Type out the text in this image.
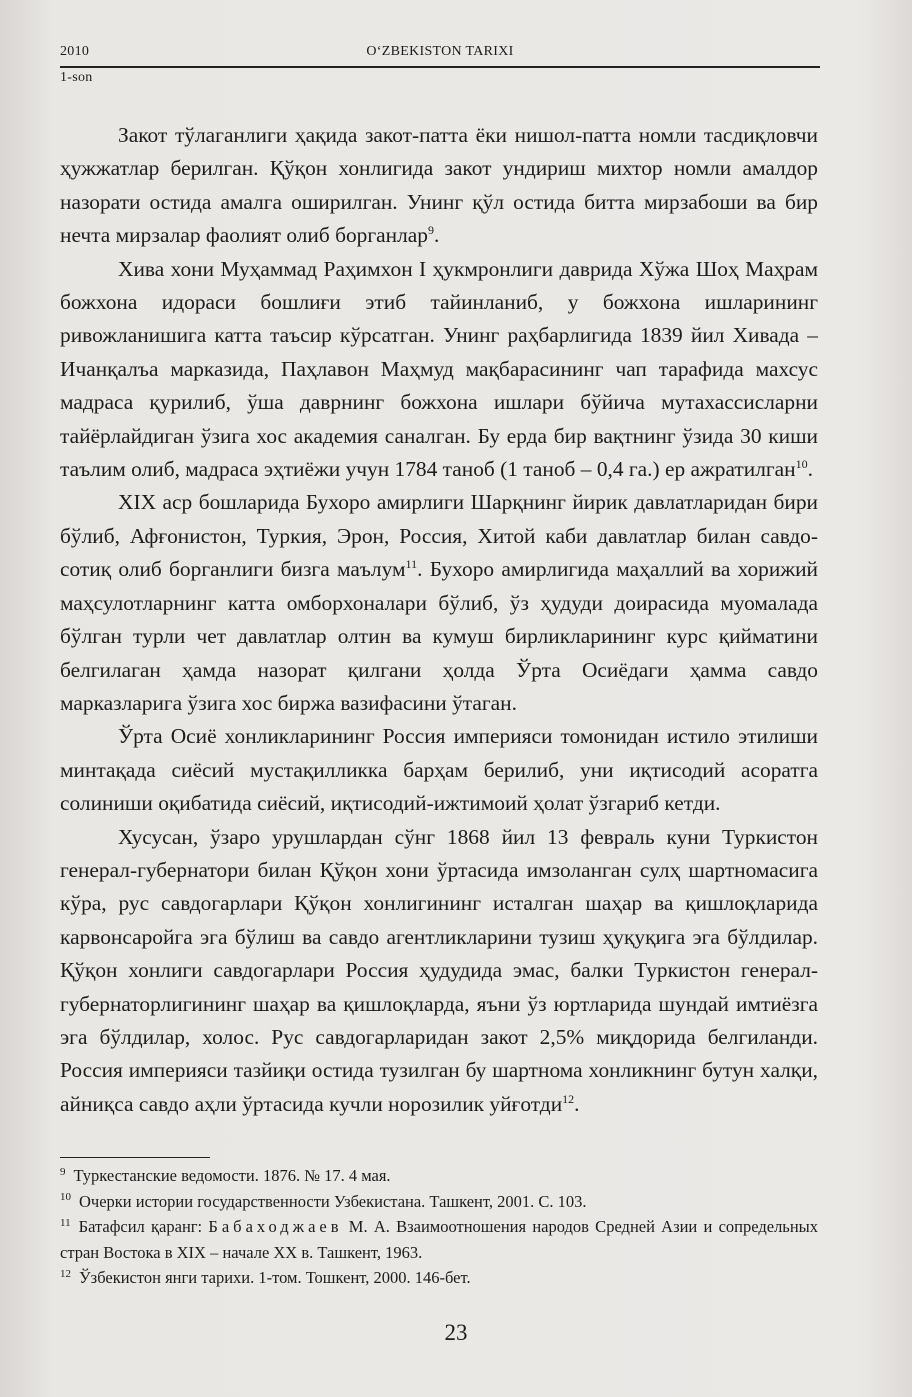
2010	O‘ZBEKISTON TARIXI
1-son

Закот тўлаганлиги ҳақида закот-патта ёки нишол-патта номли тасдиқловчи ҳужжатлар берилган. Қўқон хонлигида закот ундириш михтор номли амалдор назорати остида амалга оширилган. Унинг қўл остида битта мирзабоши ва бир нечта мирзалар фаолият олиб борганлар$^9$.

Хива хони Муҳаммад Раҳимхон I ҳукмронлиги даврида Хўжа Шоҳ Маҳрам божхона идораси бошлиғи этиб тайинланиб, у божхона ишларининг ривожланишига катта таъсир кўрсатган. Унинг раҳбарлигида 1839 йил Хивада – Ичанқалъа марказида, Паҳлавон Маҳмуд мақбарасининг чап тарафида махсус мадраса қурилиб, ўша даврнинг божхона ишлари бўйича мутахассисларни тайёрлайдиган ўзига хос академия саналган. Бу ерда бир вақтнинг ўзида 30 киши таълим олиб, мадраса эҳтиёжи учун 1784 таноб (1 таноб – 0,4 га.) ер ажратилган$^{10}$.

XIX аср бошларида Бухоро амирлиги Шарқнинг йирик давлатларидан бири бўлиб, Афғонистон, Туркия, Эрон, Россия, Хитой каби давлатлар билан савдо-сотиқ олиб борганлиги бизга маълум$^{11}$. Бухоро амирлигида маҳаллий ва хорижий маҳсулотларнинг катта омборхоналари бўлиб, ўз ҳудуди доирасида муомалада бўлган турли чет давлатлар олтин ва кумуш бирликларининг курс қийматини белгилаган ҳамда назорат қилгани ҳолда Ўрта Осиёдаги ҳамма савдо марказларига ўзига хос биржа вазифасини ўтаган.

Ўрта Осиё хонликларининг Россия империяси томонидан истило этилиши минтақада сиёсий мустақилликка барҳам берилиб, уни иқтисодий асоратга солиниши оқибатида сиёсий, иқтисодий-ижтимоий ҳолат ўзгариб кетди.

Хусусан, ўзаро урушлардан сўнг 1868 йил 13 февраль куни Туркистон генерал-губернатори билан Қўқон хони ўртасида имзоланган сулҳ шартномасига кўра, рус савдогарлари Қўқон хонлигининг исталган шаҳар ва қишлоқларида карвонсаройга эга бўлиш ва савдо агентликларини тузиш ҳуқуқига эга бўлдилар. Қўқон хонлиги савдогарлари Россия ҳудудида эмас, балки Туркистон генерал-губернаторлигининг шаҳар ва қишлоқларда, яъни ўз юртларида шундай имтиёзга эга бўлдилар, холос. Рус савдогарларидан закот 2,5% миқдорида белгиланди. Россия империяси тазйиқи остида тузилган бу шартнома хонликнинг бутун халқи, айниқса савдо аҳли ўртасида кучли норозилик уйғотди$^{12}$.

$^9$ Туркестанские ведомости. 1876. № 17. 4 мая.

$^{10}$ Очерки истории государственности Узбекистана. Ташкент, 2001. С. 103.

$^{11}$ Батафсил қаранг: Бабаходжаев М. А. Взаимоотношения народов Средней Азии и сопредельных стран Востока в XIX – начале XX в. Ташкент, 1963.

$^{12}$ Ўзбекистон янги тарихи. 1-том. Тошкент, 2000. 146-бет.

23
